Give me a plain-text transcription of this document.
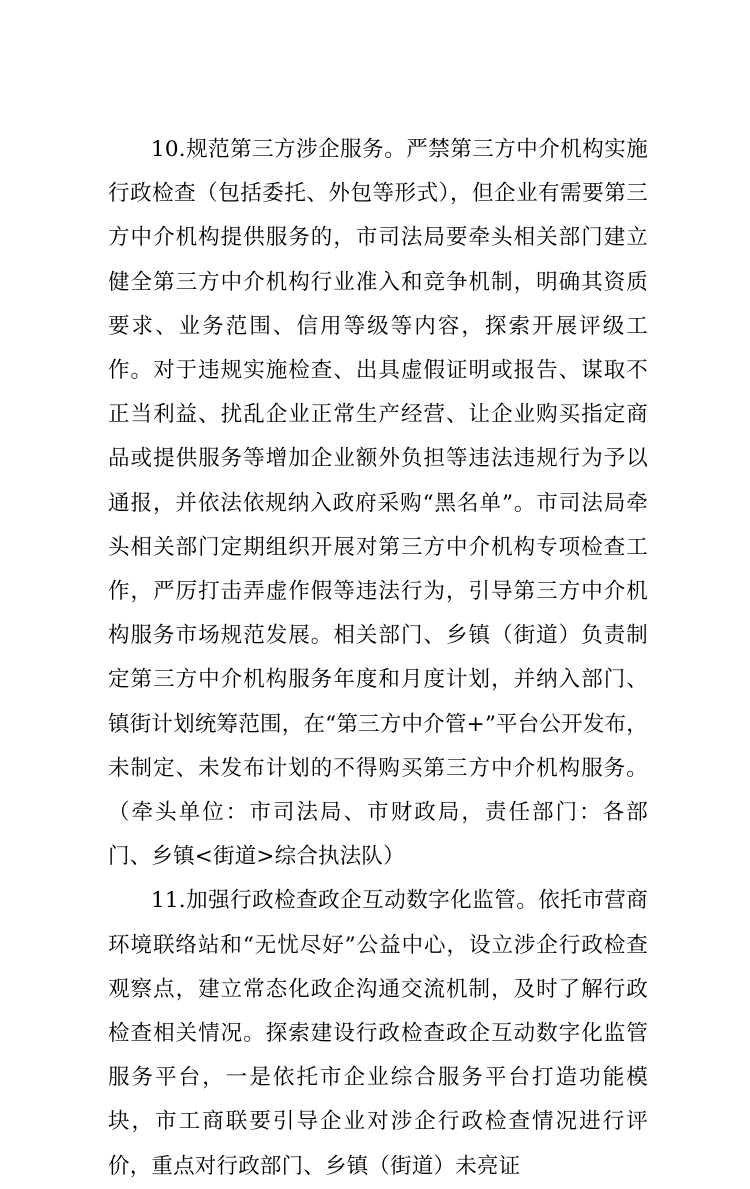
10.规范第三方涉企服务。严禁第三方中介机构实施行政检查（包括委托、外包等形式），但企业有需要第三方中介机构提供服务的，市司法局要牵头相关部门建立健全第三方中介机构行业准入和竞争机制，明确其资质要求、业务范围、信用等级等内容，探索开展评级工作。对于违规实施检查、出具虚假证明或报告、谋取不正当利益、扰乱企业正常生产经营、让企业购买指定商品或提供服务等增加企业额外负担等违法违规行为予以通报，并依法依规纳入政府采购“黑名单”。市司法局牵头相关部门定期组织开展对第三方中介机构专项检查工作，严厉打击弄虚作假等违法行为，引导第三方中介机构服务市场规范发展。相关部门、乡镇（街道）负责制定第三方中介机构服务年度和月度计划，并纳入部门、镇街计划统筹范围，在“第三方中介管+”平台公开发布，未制定、未发布计划的不得购买第三方中介机构服务。（牵头单位：市司法局、市财政局，责任部门：各部门、乡镇<街道>综合执法队）

11.加强行政检查政企互动数字化监管。依托市营商环境联络站和“无忧尽好”公益中心，设立涉企行政检查观察点，建立常态化政企沟通交流机制，及时了解行政检查相关情况。探索建设行政检查政企互动数字化监管服务平台，一是依托市企业综合服务平台打造功能模块，市工商联要引导企业对涉企行政检查情况进行评价，重点对行政部门、乡镇（街道）未亮证
